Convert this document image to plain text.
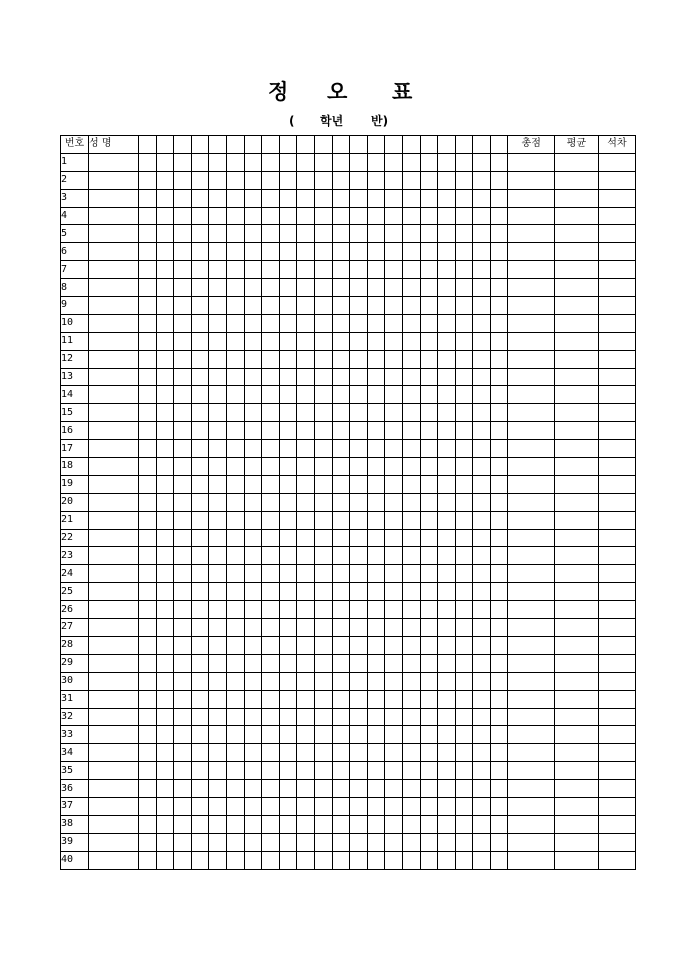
정 오 표
( 학년 반)
번호	성 명																						총점	평균	석차
1																									
2																									
3																									
4																									
5																									
6																									
7																									
8																									
9																									
10																									
11																									
12																									
13																									
14																									
15																									
16																									
17																									
18																									
19																									
20																									
21																									
22																									
23																									
24																									
25																									
26																									
27																									
28																									
29																									
30																									
31																									
32																									
33																									
34																									
35																									
36																									
37																									
38																									
39																									
40																									
